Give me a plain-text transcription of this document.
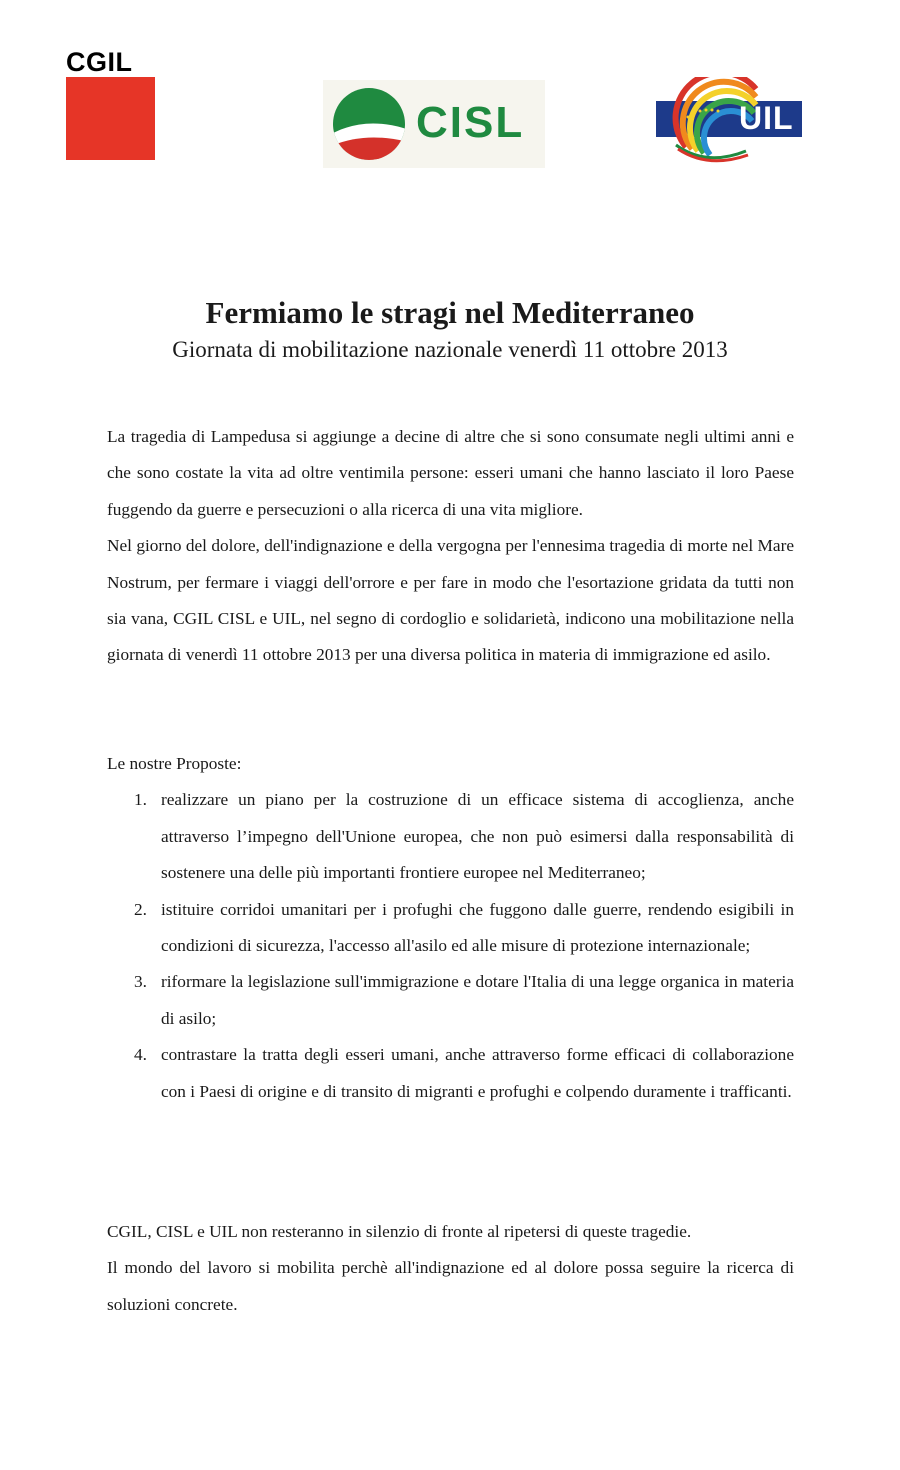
CGIL
CISL	UIL
Fermiamo le stragi nel Mediterraneo
Giornata di mobilitazione nazionale venerdì 11 ottobre 2013

La tragedia di Lampedusa si aggiunge a decine di altre che si sono consumate negli ultimi anni e che sono costate la vita ad oltre ventimila persone: esseri umani che hanno lasciato il loro Paese fuggendo da guerre e persecuzioni o alla ricerca di una vita migliore.

Nel giorno del dolore, dell'indignazione e della vergogna per l'ennesima tragedia di morte nel Mare Nostrum, per fermare i viaggi dell'orrore e per fare in modo che l'esortazione gridata da tutti non sia vana, CGIL CISL e UIL, nel segno di cordoglio e solidarietà, indicono una mobilitazione nella giornata di venerdì 11 ottobre 2013 per una diversa politica in materia di immigrazione ed asilo.

Le nostre Proposte:

1. realizzare un piano per la costruzione di un efficace sistema di accoglienza, anche attraverso l’impegno dell'Unione europea, che non può esimersi dalla responsabilità di sostenere una delle più importanti frontiere europee nel Mediterraneo;
2. istituire corridoi umanitari per i profughi che fuggono dalle guerre, rendendo esigibili in condizioni di sicurezza, l'accesso all'asilo ed alle misure di protezione internazionale;
3. riformare la legislazione sull'immigrazione e dotare l'Italia di una legge organica in materia di asilo;
4. contrastare la tratta degli esseri umani, anche attraverso forme efficaci di collaborazione con i Paesi di origine e di transito di migranti e profughi e colpendo duramente i trafficanti.

CGIL, CISL e UIL non resteranno in silenzio di fronte al ripetersi di queste tragedie.

Il mondo del lavoro si mobilita perchè all'indignazione ed al dolore possa seguire la ricerca di soluzioni concrete.
